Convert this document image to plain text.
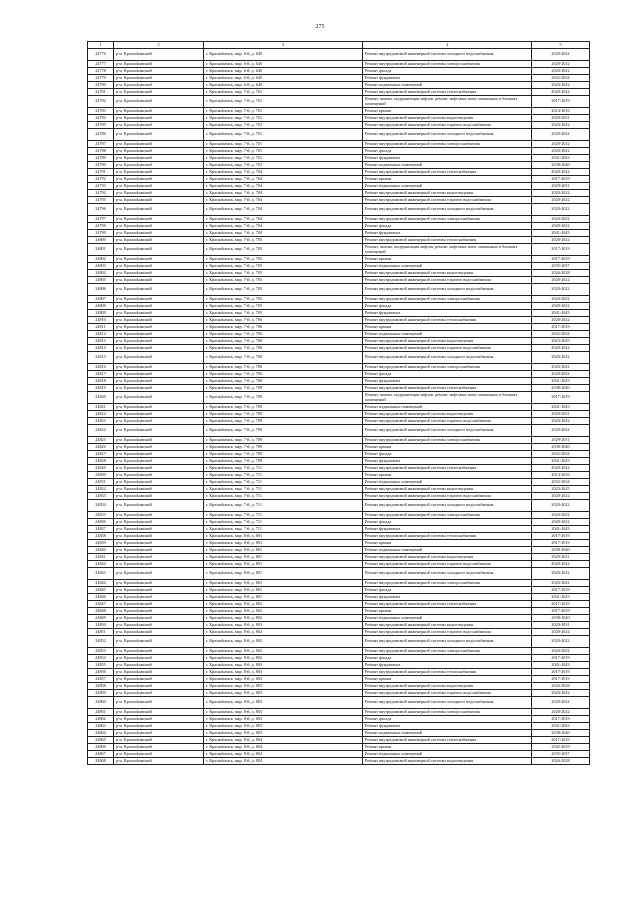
275
1	2	3	4	5
24776	р-н. Красноkамский	г. Красноkамск, мкр. 6-й, д. 640	Ремонт внутридомовой инженерной системы холодного водоснабжения	2020-2022
24777	р-н. Красноkамский	г. Красноkамск, мкр. 6-й, д. 640	Ремонт внутридомовой инженерной системы электроснабжения	2020-2022
24778	р-н. Красноkамский	г. Красноkамск, мкр. 6-й, д. 640	Ремонт фасада	2020-2022
24779	р-н. Красноkамский	г. Красноkамск, мкр. 6-й, д. 640	Ремонт фундамента	2032-2034
24780	р-н. Красноkамский	г. Красноkамск, мкр. 6-й, д. 640	Ремонт подвальных помещений	2020-2022
24781	р-н. Красноkамский	г. Красноkамск, мкр. 7-й, д. 701	Ремонт внутридомовой инженерной системы теплоснабжения	2020-2022
24782	р-н. Красноkамский	г. Красноkамск, мкр. 7-й, д. 701	Ремонт, замена, модернизация лифтов, ремонт лифтовых шахт, машинных и блочных помещений	2017-2019
24783	р-н. Красноkамский	г. Красноkамск, мкр. 7-й, д. 701	Ремонт крыши	2014-2016
24784	р-н. Красноkамский	г. Красноkамск, мкр. 7-й, д. 701	Ремонт внутридомовой инженерной системы водоотведения	2029-2031
24785	р-н. Красноkамский	г. Красноkамск, мкр. 7-й, д. 701	Ремонт внутридомовой инженерной системы горячего водоснабжения	2020-2022
24786	р-н. Красноkамский	г. Красноkамск, мкр. 7-й, д. 701	Ремонт внутридомовой инженерной системы холодного водоснабжения	2020-2022
24787	р-н. Красноkамский	г. Красноkамск, мкр. 7-й, д. 701	Ремонт внутридомовой инженерной системы электроснабжения	2020-2022
24788	р-н. Красноkамский	г. Красноkамск, мкр. 7-й, д. 701	Ремонт фасада	2020-2022
24789	р-н. Красноkамский	г. Красноkамск, мкр. 7-й, д. 701	Ремонт фундамента	2041-2043
24790	р-н. Красноkамский	г. Красноkамск, мкр. 7-й, д. 701	Ремонт подвальных помещений	2038-2040
24791	р-н. Красноkамский	г. Красноkамск, мкр. 7-й, д. 704	Ремонт внутридомовой инженерной системы теплоснабжения	2020-2022
24792	р-н. Красноkамский	г. Красноkамск, мкр. 7-й, д. 704	Ремонт крыши	2017-2019
24793	р-н. Красноkамский	г. Красноkамск, мкр. 7-й, д. 704	Ремонт подвальных помещений	2029-2031
24794	р-н. Красноkамский	г. Красноkамск, мкр. 7-й, д. 704	Ремонт внутридомовой инженерной системы водоотведения	2020-2022
24795	р-н. Красноkамский	г. Красноkамск, мкр. 7-й, д. 704	Ремонт внутридомовой инженерной системы горячего водоснабжения	2020-2022
24796	р-н. Красноkамский	г. Красноkамск, мкр. 7-й, д. 704	Ремонт внутридомовой инженерной системы холодного водоснабжения	2020-2022
24797	р-н. Красноkамский	г. Красноkамск, мкр. 7-й, д. 704	Ремонт внутридомовой инженерной системы электроснабжения	2020-2022
24798	р-н. Красноkамский	г. Красноkамск, мкр. 7-й, д. 704	Ремонт фасада	2020-2022
24799	р-н. Красноkамский	г. Красноkамск, мкр. 7-й, д. 704	Ремонт фундамента	2041-2043
24800	р-н. Красноkамский	г. Красноkамск, мкр. 7-й, д. 705	Ремонт внутридомовой инженерной системы теплоснабжения	2020-2022
24801	р-н. Красноkамский	г. Красноkамск, мкр. 7-й, д. 705	Ремонт, замена, модернизация лифтов, ремонт лифтовых шахт, машинных и блочных помещений	2017-2019
24802	р-н. Красноkамский	г. Красноkамск, мкр. 7-й, д. 705	Ремонт крыши	2017-2019
24803	р-н. Красноkамский	г. Красноkамск, мкр. 7-й, д. 705	Ремонт подвальных помещений	2035-2037
24804	р-н. Красноkамский	г. Красноkамск, мкр. 7-й, д. 705	Ремонт внутридомовой инженерной системы водоотведения	2026-2028
24805	р-н. Красноkамский	г. Красноkамск, мкр. 7-й, д. 705	Ремонт внутридомовой инженерной системы горячего водоснабжения	2020-2022
24806	р-н. Красноkамский	г. Красноkамск, мкр. 7-й, д. 705	Ремонт внутридомовой инженерной системы холодного водоснабжения	2020-2022
24807	р-н. Красноkамский	г. Красноkамск, мкр. 7-й, д. 705	Ремонт внутридомовой инженерной системы электроснабжения	2020-2022
24808	р-н. Красноkамский	г. Красноkамск, мкр. 7-й, д. 705	Ремонт фасада	2020-2022
24809	р-н. Красноkамский	г. Красноkамск, мкр. 7-й, д. 705	Ремонт фундамента	2041-2043
24810	р-н. Красноkамский	г. Красноkамск, мкр. 7-й, д. 706	Ремонт внутридомовой инженерной системы теплоснабжения	2020-2022
24811	р-н. Красноkамский	г. Красноkамск, мкр. 7-й, д. 706	Ремонт крыши	2017-2019
24812	р-н. Красноkамский	г. Красноkамск, мкр. 7-й, д. 706	Ремонт подвальных помещений	2032-2034
24813	р-н. Красноkамский	г. Красноkамск, мкр. 7-й, д. 706	Ремонт внутридомовой инженерной системы водоотведения	2023-2025
24814	р-н. Красноkамский	г. Красноkамск, мкр. 7-й, д. 706	Ремонт внутридомовой инженерной системы горячего водоснабжения	2020-2022
24815	р-н. Красноkамский	г. Красноkамск, мкр. 7-й, д. 706	Ремонт внутридомовой инженерной системы холодного водоснабжения	2020-2022
24816	р-н. Красноkамский	г. Красноkамск, мкр. 7-й, д. 706	Ремонт внутридомовой инженерной системы электроснабжения	2020-2022
24817	р-н. Красноkамский	г. Красноkамск, мкр. 7-й, д. 706	Ремонт фасада	2020-2022
24818	р-н. Красноkамский	г. Красноkамск, мкр. 7-й, д. 706	Ремонт фундамента	2041-2043
24819	р-н. Красноkамский	г. Красноkамск, мкр. 7-й, д. 709	Ремонт внутридомовой инженерной системы теплоснабжения	2038-2040
24820	р-н. Красноkамский	г. Красноkамск, мкр. 7-й, д. 709	Ремонт, замена, модернизация лифтов, ремонт лифтовых шахт, машинных и блочных помещений	2017-2019
24821	р-н. Красноkамский	г. Красноkамск, мкр. 7-й, д. 709	Ремонт подвальных помещений	2041-2043
24822	р-н. Красноkамский	г. Красноkамск, мкр. 7-й, д. 709	Ремонт внутридомовой инженерной системы водоотведения	2029-2031
24823	р-н. Красноkамский	г. Красноkамск, мкр. 7-й, д. 709	Ремонт внутридомовой инженерной системы горячего водоснабжения	2020-2022
24824	р-н. Красноkамский	г. Красноkамск, мкр. 7-й, д. 709	Ремонт внутридомовой инженерной системы холодного водоснабжения	2020-2022
24825	р-н. Красноkамский	г. Красноkамск, мкр. 7-й, д. 709	Ремонт внутридомовой инженерной системы электроснабжения	2029-2031
24826	р-н. Красноkамский	г. Красноkамск, мкр. 7-й, д. 709	Ремонт крыши	2038-2040
24827	р-н. Красноkамский	г. Красноkамск, мкр. 7-й, д. 709	Ремонт фасада	2032-2034
24828	р-н. Красноkамский	г. Красноkамск, мкр. 7-й, д. 709	Ремонт фундамента	2041-2043
24829	р-н. Красноkамский	г. Красноkамск, мкр. 7-й, д. 711	Ремонт внутридомовой инженерной системы теплоснабжения	2020-2022
24830	р-н. Красноkамский	г. Красноkамск, мкр. 7-й, д. 711	Ремонт крыши	2014-2016
24831	р-н. Красноkамский	г. Красноkамск, мкр. 7-й, д. 711	Ремонт подвальных помещений	2032-2034
24832	р-н. Красноkамский	г. Красноkамск, мкр. 7-й, д. 711	Ремонт внутридомовой инженерной системы водоотведения	2023-2025
24833	р-н. Красноkамский	г. Красноkамск, мкр. 7-й, д. 711	Ремонт внутридомовой инженерной системы горячего водоснабжения	2020-2022
24834	р-н. Красноkамский	г. Красноkамск, мкр. 7-й, д. 711	Ремонт внутридомовой инженерной системы холодного водоснабжения	2020-2022
24835	р-н. Красноkамский	г. Красноkамск, мкр. 7-й, д. 711	Ремонт внутридомовой инженерной системы электроснабжения	2020-2022
24836	р-н. Красноkамский	г. Красноkамск, мкр. 7-й, д. 711	Ремонт фасада	2020-2022
24837	р-н. Красноkамский	г. Красноkамск, мкр. 7-й, д. 711	Ремонт фундамента	2041-2043
24838	р-н. Красноkамский	г. Красноkамск, мкр. 8-й, д. 801	Ремонт внутридомовой инженерной системы теплоснабжения	2017-2019
24839	р-н. Красноkамский	г. Красноkамск, мкр. 8-й, д. 801	Ремонт крыши	2017-2019
24840	р-н. Красноkамский	г. Красноkамск, мкр. 8-й, д. 801	Ремонт подвальных помещений	2038-2040
24841	р-н. Красноkамский	г. Красноkамск, мкр. 8-й, д. 801	Ремонт внутридомовой инженерной системы водоотведения	2029-2031
24842	р-н. Красноkамский	г. Красноkамск, мкр. 8-й, д. 801	Ремонт внутридомовой инженерной системы горячего водоснабжения	2020-2022
24843	р-н. Красноkамский	г. Красноkамск, мкр. 8-й, д. 801	Ремонт внутридомовой инженерной системы холодного водоснабжения	2020-2022
24844	р-н. Красноkамский	г. Красноkамск, мкр. 8-й, д. 801	Ремонт внутридомовой инженерной системы электроснабжения	2020-2022
24845	р-н. Красноkамский	г. Красноkамск, мкр. 8-й, д. 801	Ремонт фасада	2017-2019
24846	р-н. Красноkамский	г. Красноkамск, мкр. 8-й, д. 801	Ремонт фундамента	2041-2043
24847	р-н. Красноkамский	г. Красноkамск, мкр. 8-й, д. 802	Ремонт внутридомовой инженерной системы теплоснабжения	2017-2019
24848	р-н. Красноkамский	г. Красноkамск, мкр. 8-й, д. 802	Ремонт крыши	2017-2019
24849	р-н. Красноkамский	г. Красноkамск, мкр. 8-й, д. 802	Ремонт подвальных помещений	2038-2040
24850	р-н. Красноkамский	г. Красноkамск, мкр. 8-й, д. 802	Ремонт внутридомовой инженерной системы водоотведения	2029-2031
24851	р-н. Красноkамский	г. Красноkамск, мкр. 8-й, д. 802	Ремонт внутридомовой инженерной системы горячего водоснабжения	2020-2022
24852	р-н. Красноkамский	г. Красноkамск, мкр. 8-й, д. 802	Ремонт внутридомовой инженерной системы холодного водоснабжения	2020-2022
24853	р-н. Красноkамский	г. Красноkамск, мкр. 8-й, д. 802	Ремонт внутридомовой инженерной системы электроснабжения	2020-2022
24854	р-н. Красноkамский	г. Красноkамск, мкр. 8-й, д. 802	Ремонт фасада	2017-2019
24855	р-н. Красноkамский	г. Красноkамск, мкр. 8-й, д. 802	Ремонт фундамента	2041-2043
24856	р-н. Красноkамский	г. Красноkамск, мкр. 8-й, д. 803	Ремонт внутридомовой инженерной системы теплоснабжения	2017-2019
24857	р-н. Красноkамский	г. Красноkамск, мкр. 8-й, д. 803	Ремонт крыши	2017-2019
24858	р-н. Красноkамский	г. Красноkамск, мкр. 8-й, д. 803	Ремонт внутридомовой инженерной системы водоотведения	2026-2028
24859	р-н. Красноkамский	г. Красноkамск, мкр. 8-й, д. 803	Ремонт внутридомовой инженерной системы горячего водоснабжения	2020-2022
24860	р-н. Красноkамский	г. Красноkамск, мкр. 8-й, д. 803	Ремонт внутридомовой инженерной системы холодного водоснабжения	2020-2022
24861	р-н. Красноkамский	г. Красноkамск, мкр. 8-й, д. 803	Ремонт внутридомовой инженерной системы электроснабжения	2020-2022
24862	р-н. Красноkамский	г. Красноkамск, мкр. 8-й, д. 803	Ремонт фасада	2017-2019
24863	р-н. Красноkамский	г. Красноkамск, мкр. 8-й, д. 803	Ремонт фундамента	2041-2043
24864	р-н. Красноkамский	г. Красноkамск, мкр. 8-й, д. 803	Ремонт подвальных помещений	2038-2040
24865	р-н. Красноkамский	г. Красноkамск, мкр. 8-й, д. 804	Ремонт внутридомовой инженерной системы теплоснабжения	2017-2019
24866	р-н. Красноkамский	г. Красноkамск, мкр. 8-й, д. 804	Ремонт крыши	2042-2019
24867	р-н. Красноkамский	г. Красноkамск, мкр. 8-й, д. 804	Ремонт подвальных помещений	2035-2037
24868	р-н. Красноkамский	г. Красноkамск, мкр. 8-й, д. 804	Ремонт внутридомовой инженерной системы водоотведения	2026-2028
